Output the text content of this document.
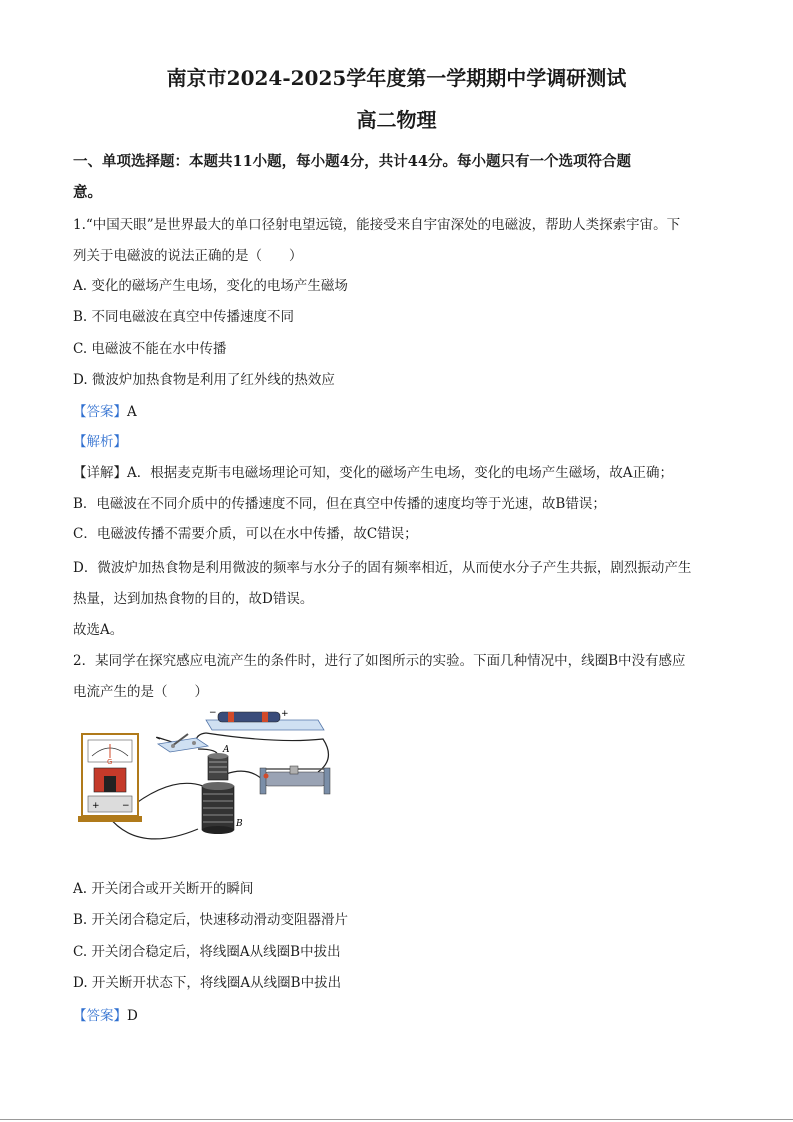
南京市2024-2025学年度第一学期期中学调研测试
高二物理
一、单项选择题：本题共11小题，每小题4分，共计44分。每小题只有一个选项符合题
意。
1.“中国天眼”是世界最大的单口径射电望远镜，能接受来自宇宙深处的电磁波，帮助人类探索宇宙。下
列关于电磁波的说法正确的是（　　）
A. 变化的磁场产生电场，变化的电场产生磁场
B. 不同电磁波在真空中传播速度不同
C. 电磁波不能在水中传播
D. 微波炉加热食物是利用了红外线的热效应
【答案】A
【解析】
【详解】A．根据麦克斯韦电磁场理论可知，变化的磁场产生电场，变化的电场产生磁场，故A正确；
B．电磁波在不同介质中的传播速度不同，但在真空中传播的速度均等于光速，故B错误；
C．电磁波传播不需要介质，可以在水中传播，故C错误；
D．微波炉加热食物是利用微波的频率与水分子的固有频率相近，从而使水分子产生共振，剧烈振动产生
热量，达到加热食物的目的，故D错误。
故选A。
2．某同学在探究感应电流产生的条件时，进行了如图所示的实验。下面几种情况中，线圈B中没有感应
电流产生的是（　　）
−	+
A
B
G
+ −
A. 开关闭合或开关断开的瞬间
B. 开关闭合稳定后，快速移动滑动变阻器滑片
C. 开关闭合稳定后，将线圈A从线圈B中拔出
D. 开关断开状态下，将线圈A从线圈B中拔出
【答案】D
